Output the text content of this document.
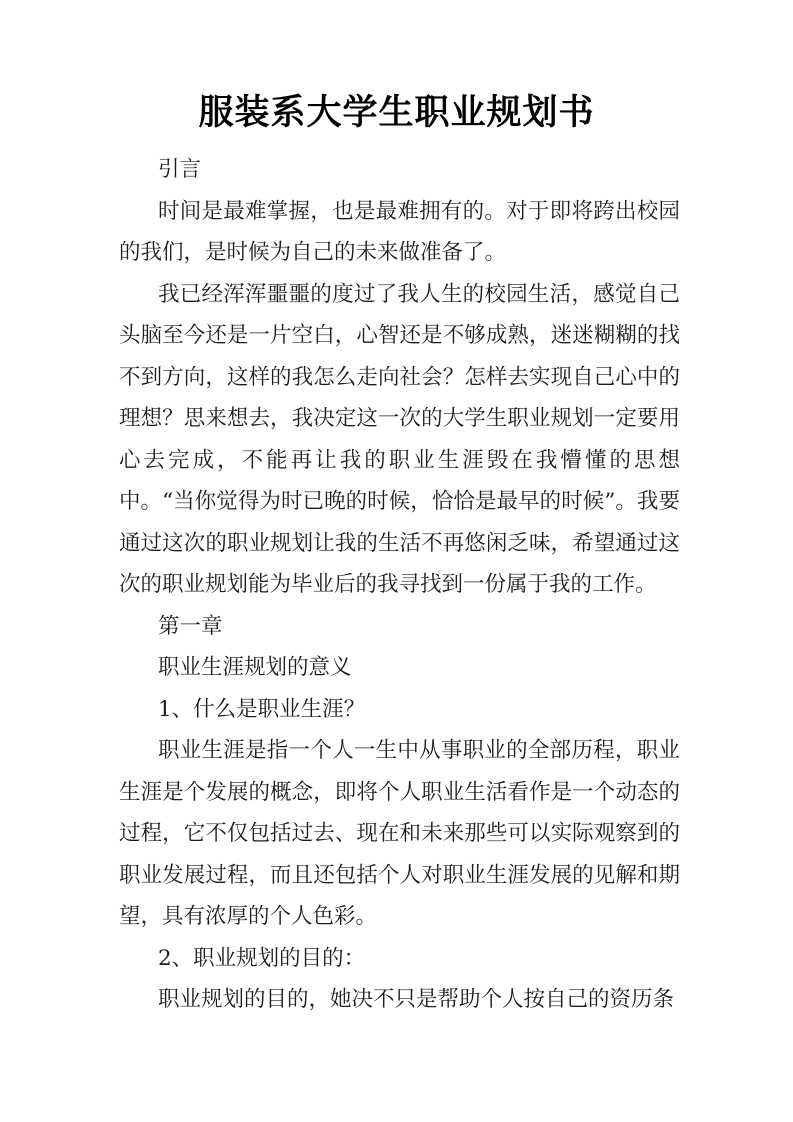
服装系大学生职业规划书

引言

时间是最难掌握，也是最难拥有的。对于即将跨出校园的我们，是时候为自己的未来做准备了。

我已经浑浑噩噩的度过了我人生的校园生活，感觉自己头脑至今还是一片空白，心智还是不够成熟，迷迷糊糊的找不到方向，这样的我怎么走向社会？怎样去实现自己心中的理想？思来想去，我决定这一次的大学生职业规划一定要用心去完成，不能再让我的职业生涯毁在我懵懂的思想中。“当你觉得为时已晚的时候，恰恰是最早的时候”。我要通过这次的职业规划让我的生活不再悠闲乏味，希望通过这次的职业规划能为毕业后的我寻找到一份属于我的工作。

第一章

职业生涯规划的意义

1、什么是职业生涯？

职业生涯是指一个人一生中从事职业的全部历程，职业生涯是个发展的概念，即将个人职业生活看作是一个动态的过程，它不仅包括过去、现在和未来那些可以实际观察到的职业发展过程，而且还包括个人对职业生涯发展的见解和期望，具有浓厚的个人色彩。

2、职业规划的目的：

职业规划的目的，她决不只是帮助个人按自己的资历条
